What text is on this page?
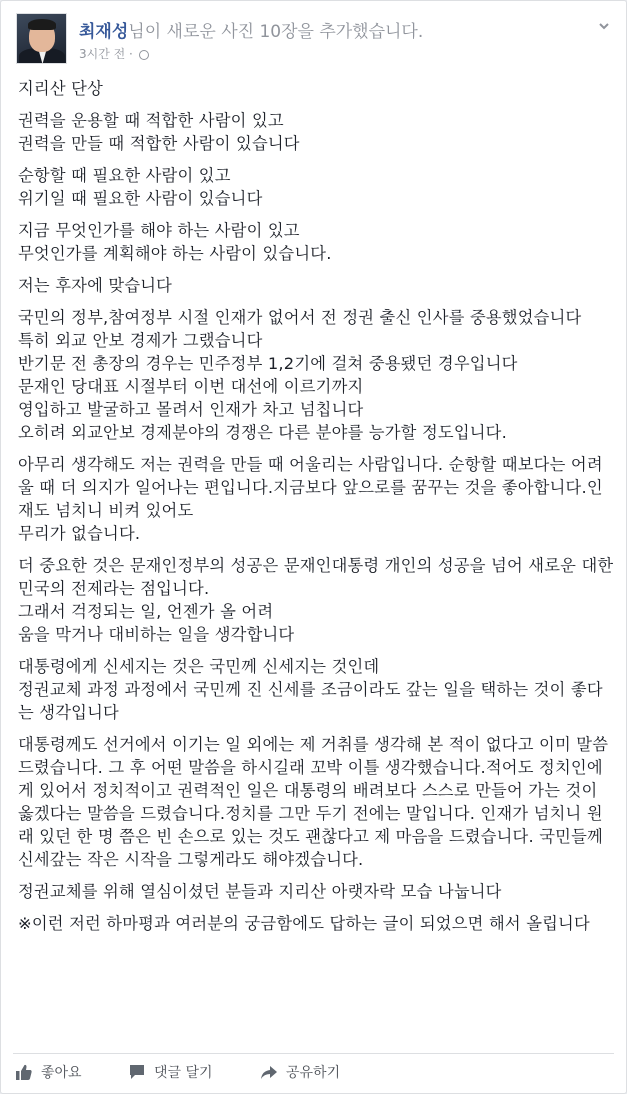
최재성님이 새로운 사진 10장을 추가했습니다.
3시간 전 ·

지리산 단상

권력을 운용할 때 적합한 사람이 있고
권력을 만들 때 적합한 사람이 있습니다

순항할 때 필요한 사람이 있고
위기일 때 필요한 사람이 있습니다

지금 무엇인가를 해야 하는 사람이 있고
무엇인가를 계획해야 하는 사람이 있습니다.

저는 후자에 맞습니다

국민의 정부,참여정부 시절 인재가 없어서 전 정권 출신 인사를 중용했었습니다
특히 외교 안보 경제가 그랬습니다
반기문 전 총장의 경우는 민주정부 1,2기에 걸쳐 중용됐던 경우입니다
문재인 당대표 시절부터 이번 대선에 이르기까지
영입하고 발굴하고 몰려서 인재가 차고 넘칩니다
오히려 외교안보 경제분야의 경쟁은 다른 분야를 능가할 정도입니다.

아무리 생각해도 저는 권력을 만들 때 어울리는 사람입니다. 순항할 때보다는 어려울 때 더 의지가 일어나는 편입니다.지금보다 앞으로를 꿈꾸는 것을 좋아합니다.인재도 넘치니 비켜 있어도
무리가 없습니다.

더 중요한 것은 문재인정부의 성공은 문재인대통령 개인의 성공을 넘어 새로운 대한민국의 전제라는 점입니다.
그래서 걱정되는 일, 언젠가 올 어려
움을 막거나 대비하는 일을 생각합니다

대통령에게 신세지는 것은 국민께 신세지는 것인데
정권교체 과정 과정에서 국민께 진 신세를 조금이라도 갚는 일을 택하는 것이 좋다는 생각입니다

대통령께도 선거에서 이기는 일 외에는 제 거취를 생각해 본 적이 없다고 이미 말씀드렸습니다. 그 후 어떤 말씀을 하시길래 꼬박 이틀 생각했습니다.적어도 정치인에게 있어서 정치적이고 권력적인 일은 대통령의 배려보다 스스로 만들어 가는 것이 옳겠다는 말씀을 드렸습니다.정치를 그만 두기 전에는 말입니다. 인재가 넘치니 원래 있던 한 명 쯤은 빈 손으로 있는 것도 괜찮다고 제 마음을 드렸습니다. 국민들께 신세갚는 작은 시작을 그렇게라도 해야겠습니다.

정권교체를 위해 열심이셨던 분들과 지리산 아랫자락 모습 나눕니다

※이런 저런 하마평과 여러분의 궁금함에도 답하는 글이 되었으면 해서 올립니다

좋아요	댓글 달기	공유하기
